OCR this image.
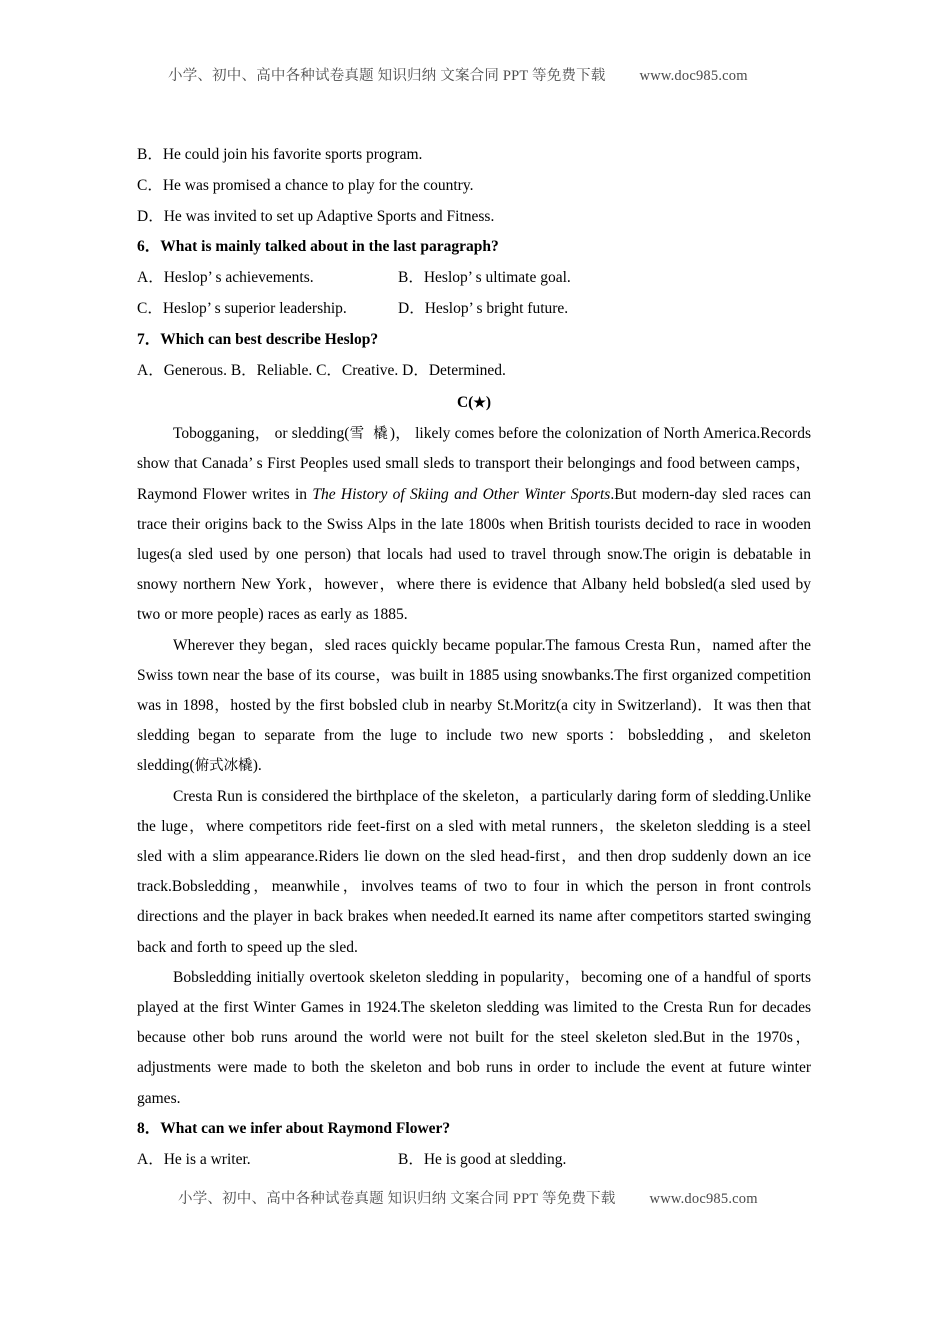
小学、初中、高中各种试卷真题 知识归纳 文案合同 PPT 等免费下载 www.doc985.com
B．He could join his favorite sports program.
C．He was promised a chance to play for the country.
D．He was invited to set up Adaptive Sports and Fitness.
6．What is mainly talked about in the last paragraph?
A．Heslop’ s achievements.	B．Heslop’ s ultimate goal.
C．Heslop’ s superior leadership.	D．Heslop’ s bright future.
7．Which can best describe Heslop?
A．Generous. B．Reliable. C．Creative. D．Determined.
C(★)

Tobogganing， or sledding(雪 橇)， likely comes before the colonization of North America.Records show that Canada’ s First Peoples used small sleds to transport their belongings and food between camps，Raymond Flower writes in The History of Skiing and Other Winter Sports.But modern-day sled races can trace their origins back to the Swiss Alps in the late 1800s when British tourists decided to race in wooden luges(a sled used by one person) that locals had used to travel through snow.The origin is debatable in snowy northern New York，however，where there is evidence that Albany held bobsled(a sled used by two or more people) races as early as 1885.

Wherever they began，sled races quickly became popular.The famous Cresta Run，named after the Swiss town near the base of its course，was built in 1885 using snowbanks.The first organized competition was in 1898，hosted by the first bobsled club in nearby St.Moritz(a city in Switzerland)．It was then that sledding began to separate from the luge to include two new sports：bobsledding，and skeleton sledding(俯式冰橇).

Cresta Run is considered the birthplace of the skeleton，a particularly daring form of sledding.Unlike the luge，where competitors ride feet-first on a sled with metal runners，the skeleton sledding is a steel sled with a slim appearance.Riders lie down on the sled head-first，and then drop suddenly down an ice track.Bobsledding，meanwhile，involves teams of two to four in which the person in front controls directions and the player in back brakes when needed.It earned its name after competitors started swinging back and forth to speed up the sled.

Bobsledding initially overtook skeleton sledding in popularity，becoming one of a handful of sports played at the first Winter Games in 1924.The skeleton sledding was limited to the Cresta Run for decades because other bob runs around the world were not built for the steel skeleton sled.But in the 1970s，adjustments were made to both the skeleton and bob runs in order to include the event at future winter games.

8．What can we infer about Raymond Flower?
A．He is a writer.	B．He is good at sledding.
小学、初中、高中各种试卷真题 知识归纳 文案合同 PPT 等免费下载 www.doc985.com
